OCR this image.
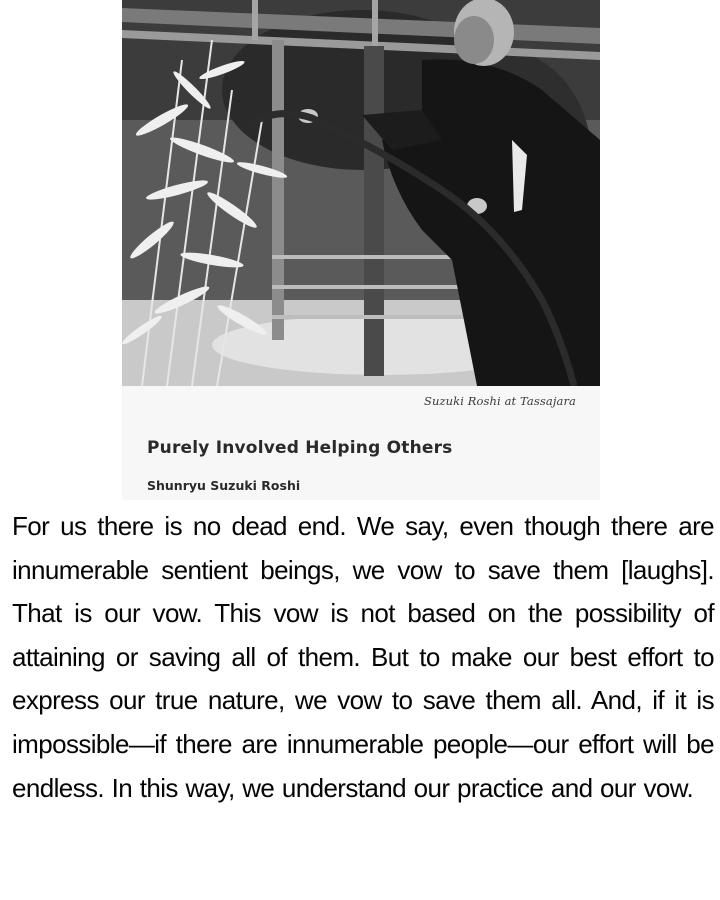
Suzuki Roshi at Tassajara
Purely Involved Helping Others
Shunryu Suzuki Roshi

For us there is no dead end. We say, even though there are innumerable sentient beings, we vow to save them [laughs]. That is our vow. This vow is not based on the possibility of attaining or saving all of them. But to make our best effort to express our true nature, we vow to save them all. And, if it is impossible—if there are innumerable people—our effort will be endless. In this way, we understand our practice and our vow.
